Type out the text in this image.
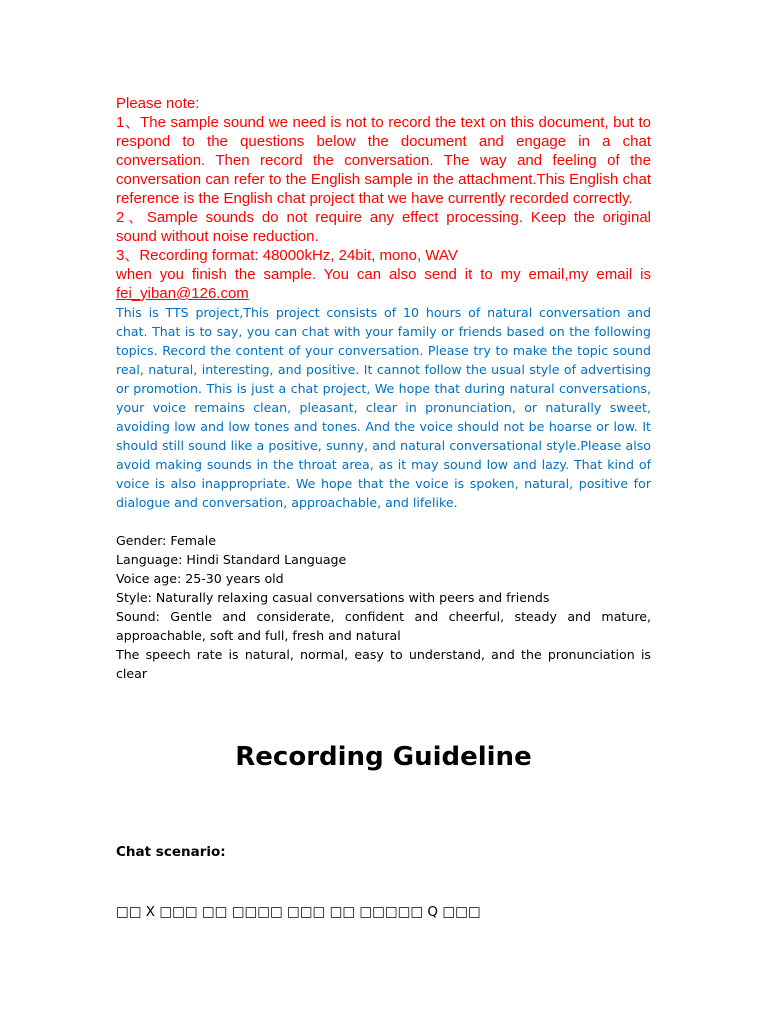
Please note:

1、The sample sound we need is not to record the text on this document, but to respond to the questions below the document and engage in a chat conversation. Then record the conversation. The way and feeling of the conversation can refer to the English sample in the attachment.This English chat reference is the English chat project that we have currently recorded correctly.

2、Sample sounds do not require any effect processing. Keep the original sound without noise reduction.

3、Recording format: 48000kHz, 24bit, mono, WAV

when you finish the sample. You can also send it to my email,my email is fei_yiban@126.com

This is TTS project,This project consists of 10 hours of natural conversation and chat. That is to say, you can chat with your family or friends based on the following topics. Record the content of your conversation. Please try to make the topic sound real, natural, interesting, and positive. It cannot follow the usual style of advertising or promotion. This is just a chat project, We hope that during natural conversations, your voice remains clean, pleasant, clear in pronunciation, or naturally sweet, avoiding low and low tones and tones. And the voice should not be hoarse or low. It should still sound like a positive, sunny, and natural conversational style.Please also avoid making sounds in the throat area, as it may sound low and lazy. That kind of voice is also inappropriate. We hope that the voice is spoken, natural, positive for dialogue and conversation, approachable, and lifelike.

Gender: Female

Language: Hindi Standard Language

Voice age: 25-30 years old

Style: Naturally relaxing casual conversations with peers and friends

Sound: Gentle and considerate, confident and cheerful, steady and mature, approachable, soft and full, fresh and natural

The speech rate is natural, normal, easy to understand, and the pronunciation is clear

Recording Guideline

Chat scenario:

□□ X □□□ □□ □□□□ □□□ □□ □□□□□ Q □□□
